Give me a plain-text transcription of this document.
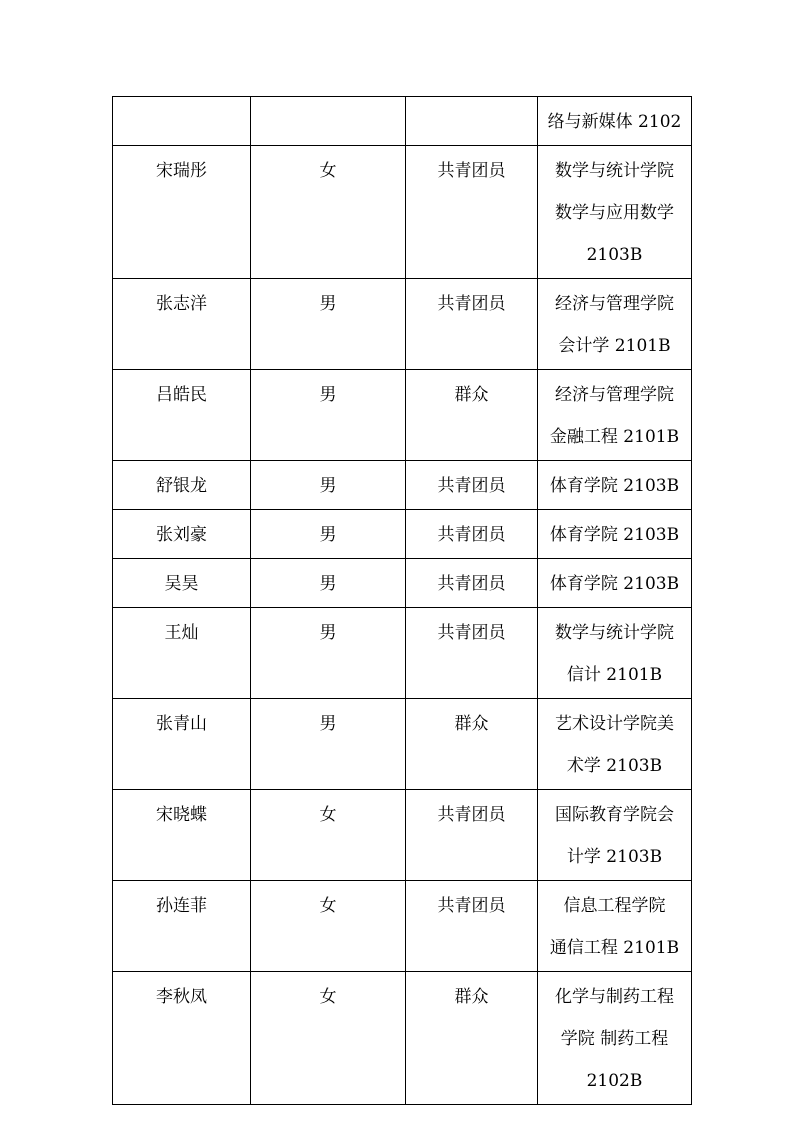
			络与新媒体 2102

宋瑞彤	女	共青团员	数学与统计学院
数学与应用数学
2103B

张志洋	男	共青团员	经济与管理学院
会计学 2101B

吕皓民	男	群众	经济与管理学院
金融工程 2101B

舒银龙	男	共青团员	体育学院 2103B

张刘豪	男	共青团员	体育学院 2103B

吴昊	男	共青团员	体育学院 2103B

王灿	男	共青团员	数学与统计学院
信计 2101B

张青山	男	群众	艺术设计学院美
术学 2103B

宋晓蝶	女	共青团员	国际教育学院会
计学 2103B

孙连菲	女	共青团员	信息工程学院
通信工程 2101B

李秋凤	女	群众	化学与制药工程
学院 制药工程
2102B
